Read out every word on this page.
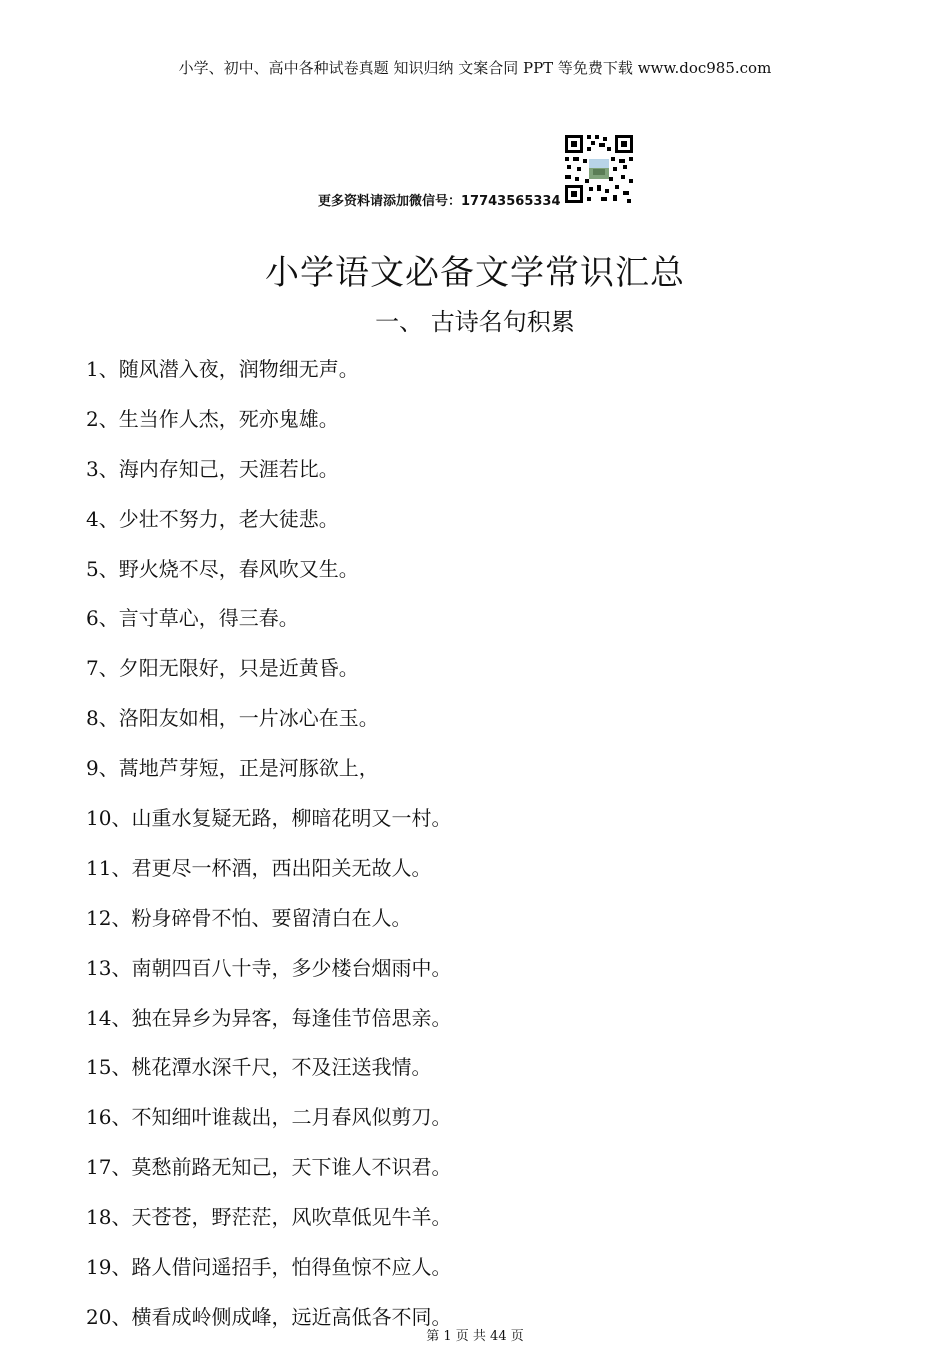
小学、初中、高中各种试卷真题 知识归纳 文案合同 PPT 等免费下载 www.doc985.com
更多资料请添加微信号：17743565334
小学语文必备文学常识汇总
一、 古诗名句积累
1、随风潜入夜，润物细无声。
2、生当作人杰，死亦鬼雄。
3、海内存知己，天涯若比。
4、少壮不努力，老大徒悲。
5、野火烧不尽，春风吹又生。
6、言寸草心，得三春。
7、夕阳无限好，只是近黄昏。
8、洛阳友如相，一片冰心在玉。
9、蒿地芦芽短，正是河豚欲上，
10、山重水复疑无路，柳暗花明又一村。
11、君更尽一杯酒，西出阳关无故人。
12、粉身碎骨不怕、要留清白在人。
13、南朝四百八十寺，多少楼台烟雨中。
14、独在异乡为异客，每逢佳节倍思亲。
15、桃花潭水深千尺，不及汪送我情。
16、不知细叶谁裁出，二月春风似剪刀。
17、莫愁前路无知己，天下谁人不识君。
18、天苍苍，野茫茫，风吹草低见牛羊。
19、路人借问遥招手，怕得鱼惊不应人。
20、横看成岭侧成峰，远近高低各不同。
第 1 页 共 44 页
